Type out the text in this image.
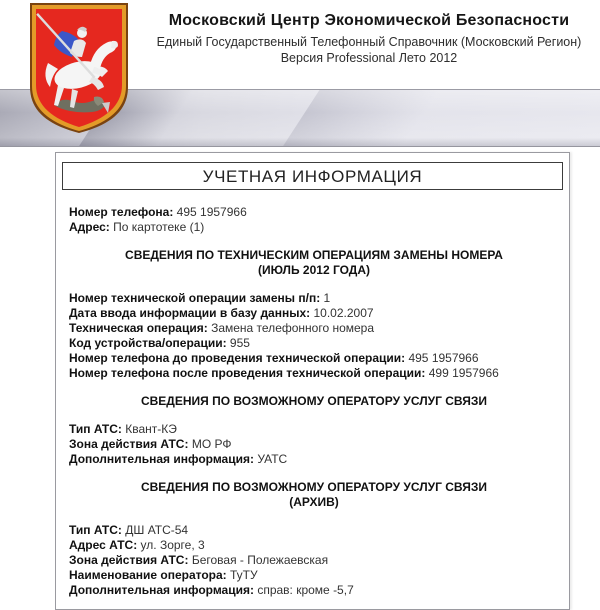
Московский Центр Экономической Безопасности
Единый Государственный Телефонный Справочник (Московский Регион)
Версия Professional Лето 2012
УЧЕТНАЯ ИНФОРМАЦИЯ
Номер телефона: 495 1957966
Адрес: По картотеке (1)
СВЕДЕНИЯ ПО ТЕХНИЧЕСКИМ ОПЕРАЦИЯМ ЗАМЕНЫ НОМЕРА
(ИЮЛЬ 2012 ГОДА)
Номер технической операции замены п/п: 1
Дата ввода информации в базу данных: 10.02.2007
Техническая операция: Замена телефонного номера
Код устройства/операции: 955
Номер телефона до проведения технической операции: 495 1957966
Номер телефона после проведения технической операции: 499 1957966
СВЕДЕНИЯ ПО ВОЗМОЖНОМУ ОПЕРАТОРУ УСЛУГ СВЯЗИ
Тип АТС: Квант-КЭ
Зона действия АТС: МО РФ
Дополнительная информация: УАТС
СВЕДЕНИЯ ПО ВОЗМОЖНОМУ ОПЕРАТОРУ УСЛУГ СВЯЗИ
(АРХИВ)
Тип АТС: ДШ АТС-54
Адрес АТС: ул. Зорге, 3
Зона действия АТС: Беговая - Полежаевская
Наименование оператора: ТуТУ
Дополнительная информация: справ: кроме -5,7
